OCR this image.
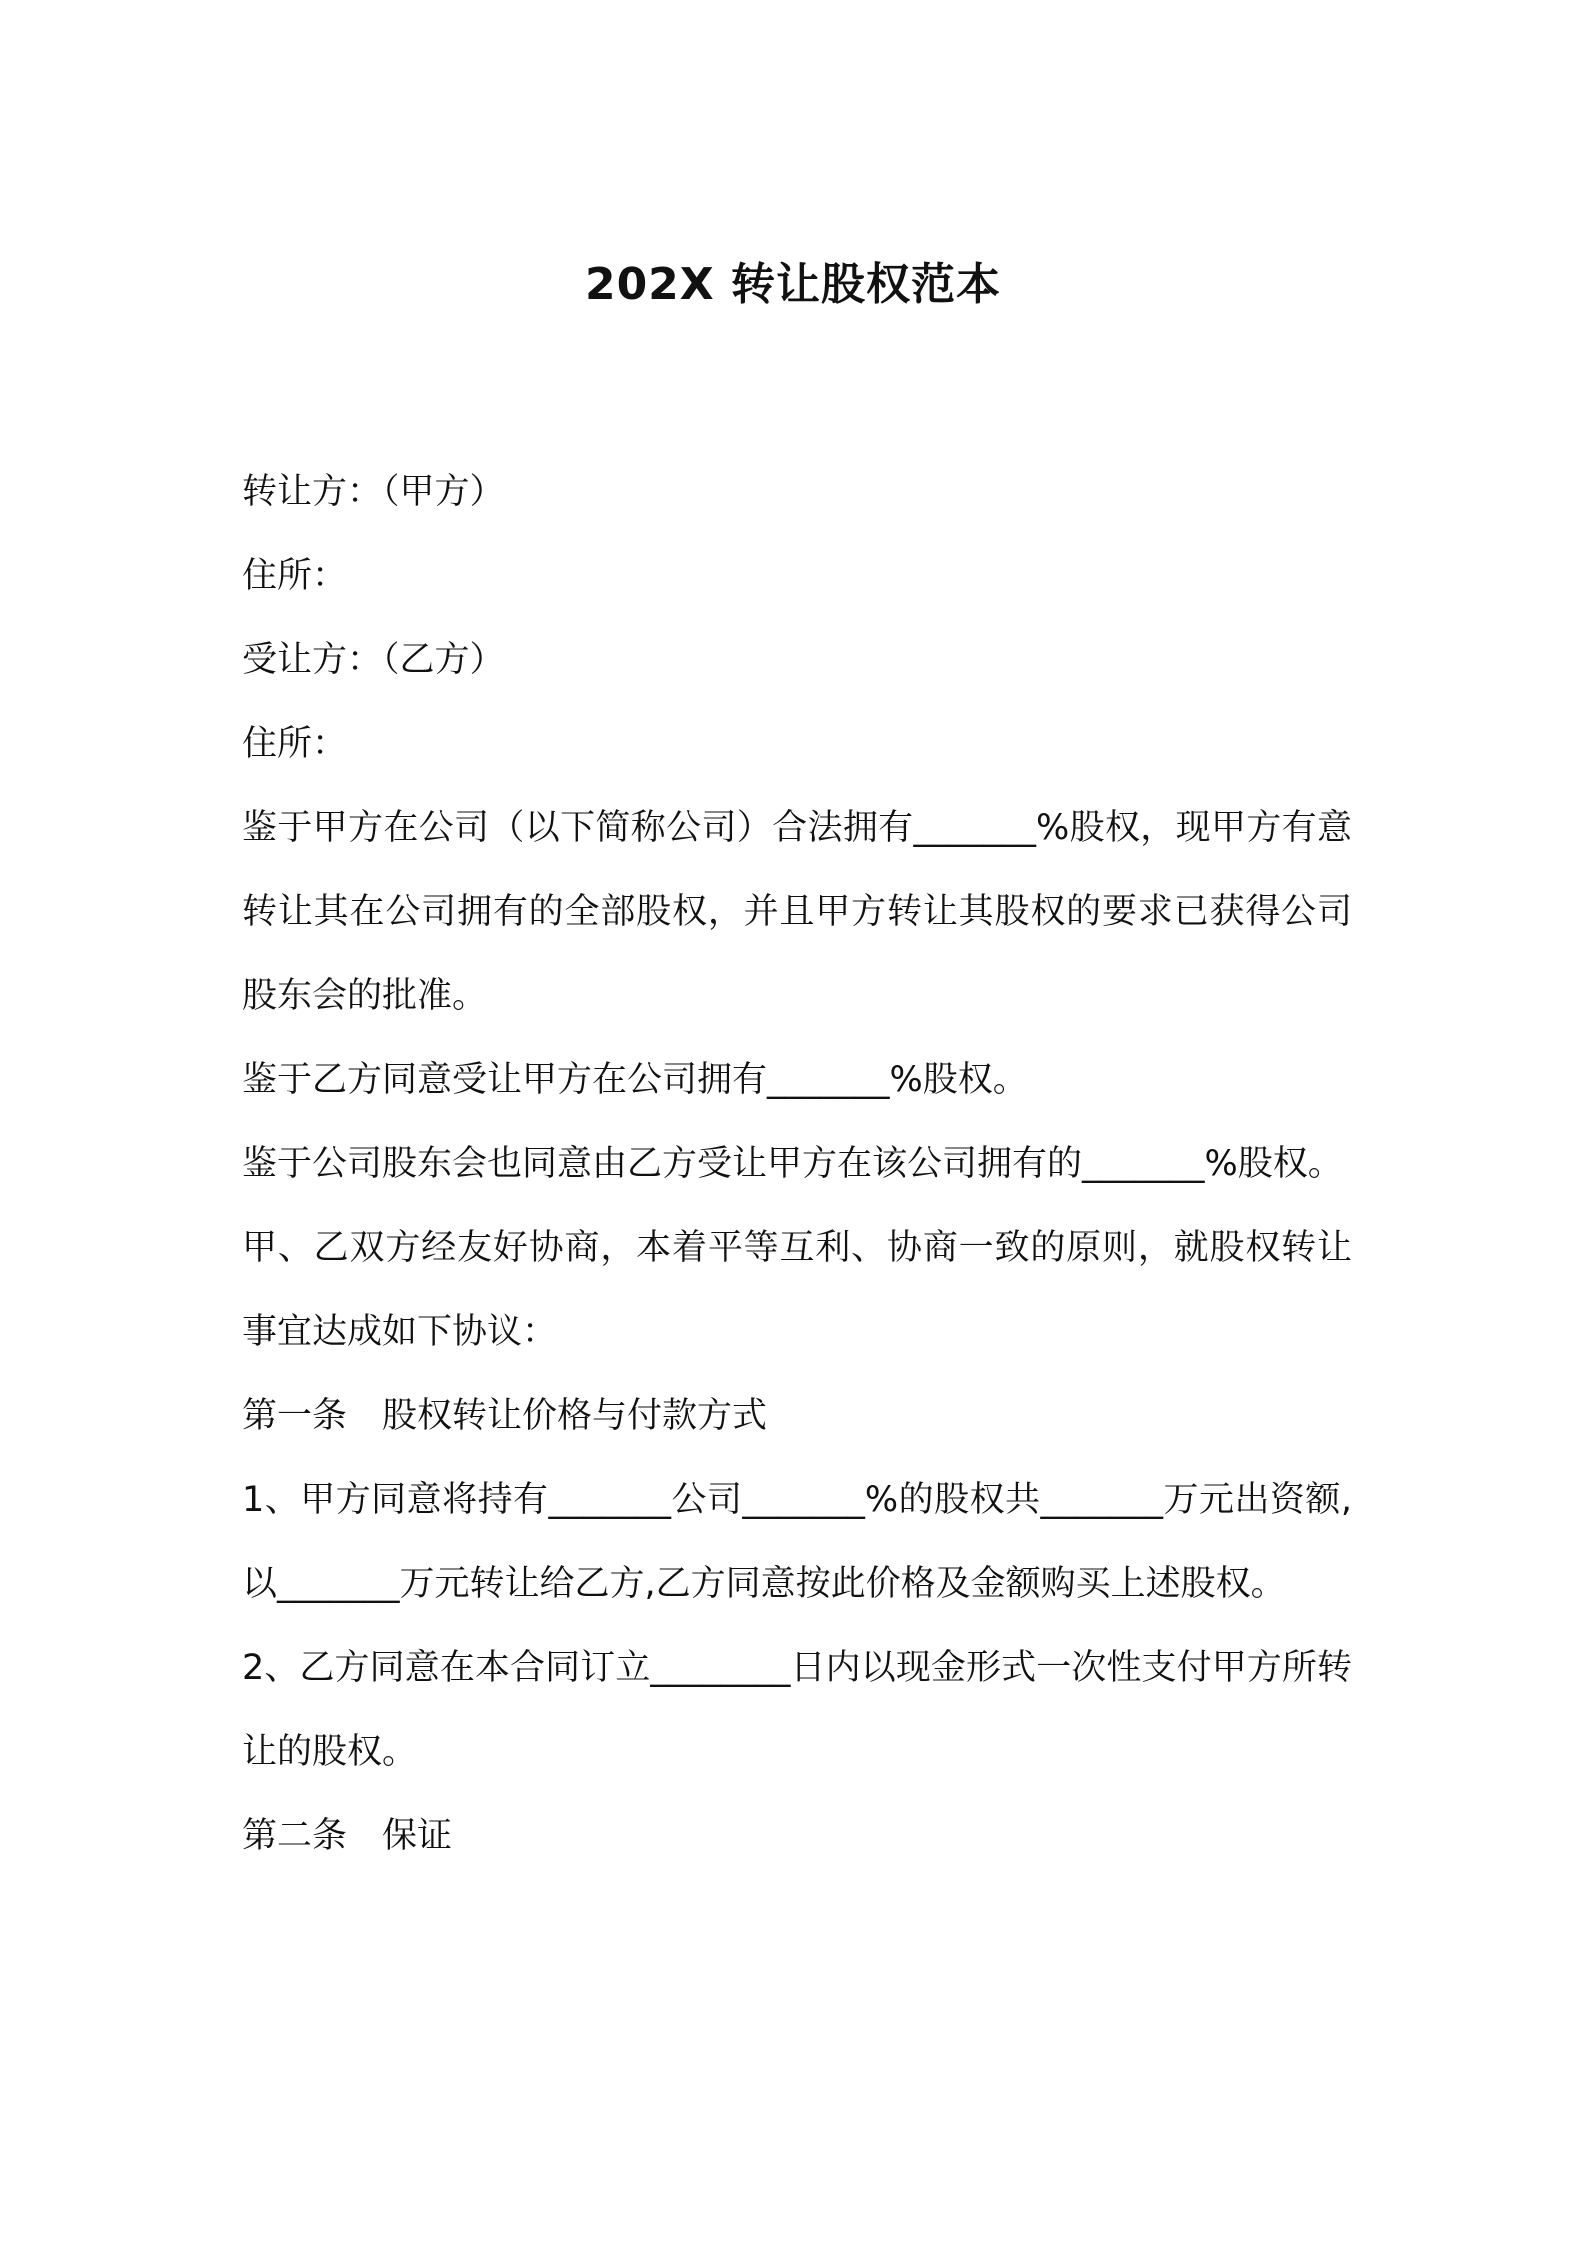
202X 转让股权范本

转让方：（甲方）

住所：

受让方：（乙方）

住所：

鉴于甲方在公司（以下简称公司）合法拥有_______%股权，现甲方有意转让其在公司拥有的全部股权，并且甲方转让其股权的要求已获得公司股东会的批准。

鉴于乙方同意受让甲方在公司拥有_______%股权。

鉴于公司股东会也同意由乙方受让甲方在该公司拥有的_______%股权。

甲、乙双方经友好协商，本着平等互利、协商一致的原则，就股权转让事宜达成如下协议：

第一条　股权转让价格与付款方式

1、甲方同意将持有_______公司_______%的股权共_______万元出资额,以_______万元转让给乙方,乙方同意按此价格及金额购买上述股权。

2、乙方同意在本合同订立________日内以现金形式一次性支付甲方所转让的股权。

第二条　保证
